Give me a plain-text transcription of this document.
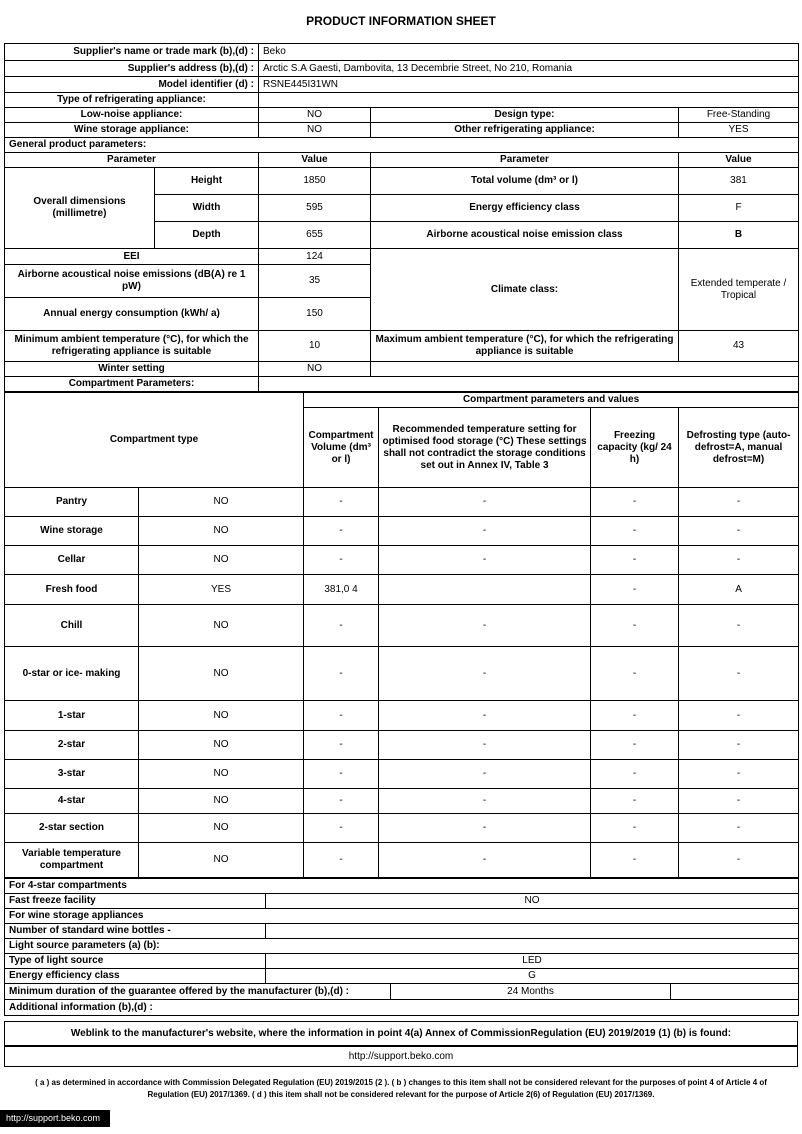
PRODUCT INFORMATION SHEET
Supplier's name or trade mark (b),(d) :		Beko		
Supplier's address (b),(d) :		Arctic S.A Gaesti, Dambovita, 13 Decembrie Street, No 210, Romania		
Model identifier (d) :		RSNE445I31WN		
Type of refrigerating appliance:				
Low-noise appliance:		NO	Design type:	Free-Standing
Wine storage appliance:		NO	Other refrigerating appliance:	YES
General product parameters:				
Parameter		Value	Parameter	Value
Overall dimensions (millimetre)	Height	1850	Total volume (dm³ or l)	381
	Width	595	Energy efficiency class	F
	Depth	655	Airborne acoustical noise emission class	B
EEI		124	Climate class:	Extended temperate / Tropical
Airborne acoustical noise emissions (dB(A) re 1 pW)		35		
Annual energy consumption (kWh/ a)		150		
Minimum ambient temperature (°C), for which the refrigerating appliance is suitable		10	Maximum ambient temperature (°C), for which the refrigerating appliance is suitable	43
Winter setting		NO		
Compartment Parameters:				
Compartment type		Compartment parameters and values			
		Compartment Volume (dm³ or l)	Recommended temperature setting for optimised food storage (°C) These settings shall not contradict the storage conditions set out in Annex IV, Table 3	Freezing capacity (kg/ 24 h)	Defrosting type (auto-defrost=A, manual defrost=M)
Pantry	NO	-	-	-	-
Wine storage	NO	-	-	-	-
Cellar	NO	-	-	-	-
Fresh food	YES	381,0 4		-	A
Chill	NO	-	-	-	-
0-star or ice- making	NO	-	-	-	-
1-star	NO	-	-	-	-
2-star	NO	-	-	-	-
3-star	NO	-	-	-	-
4-star	NO	-	-	-	-
2-star section	NO	-	-	-	-
Variable temperature compartment	NO	-	-	-	-
For 4-star compartments			
Fast freeze facility	NO		
For wine storage appliances			
Number of standard wine bottles -			
Light source parameters (a) (b):			
Type of light source	LED		
Energy efficiency class	G		
Minimum duration of the guarantee offered by the manufacturer (b),(d) :		24 Months	
Additional information (b),(d) :			
Weblink to the manufacturer's website, where the information in point 4(a) Annex of CommissionRegulation (EU) 2019/2019 (1) (b) is found:
http://support.beko.com
( a ) as determined in accordance with Commission Delegated Regulation (EU) 2019/2015 (2 ). ( b ) changes to this item shall not be considered relevant for the purposes of point 4 of Article 4 of Regulation (EU) 2017/1369. ( d ) this item shall not be considered relevant for the purpose of Article 2(6) of Regulation (EU) 2017/1369.
http://support.beko.com
